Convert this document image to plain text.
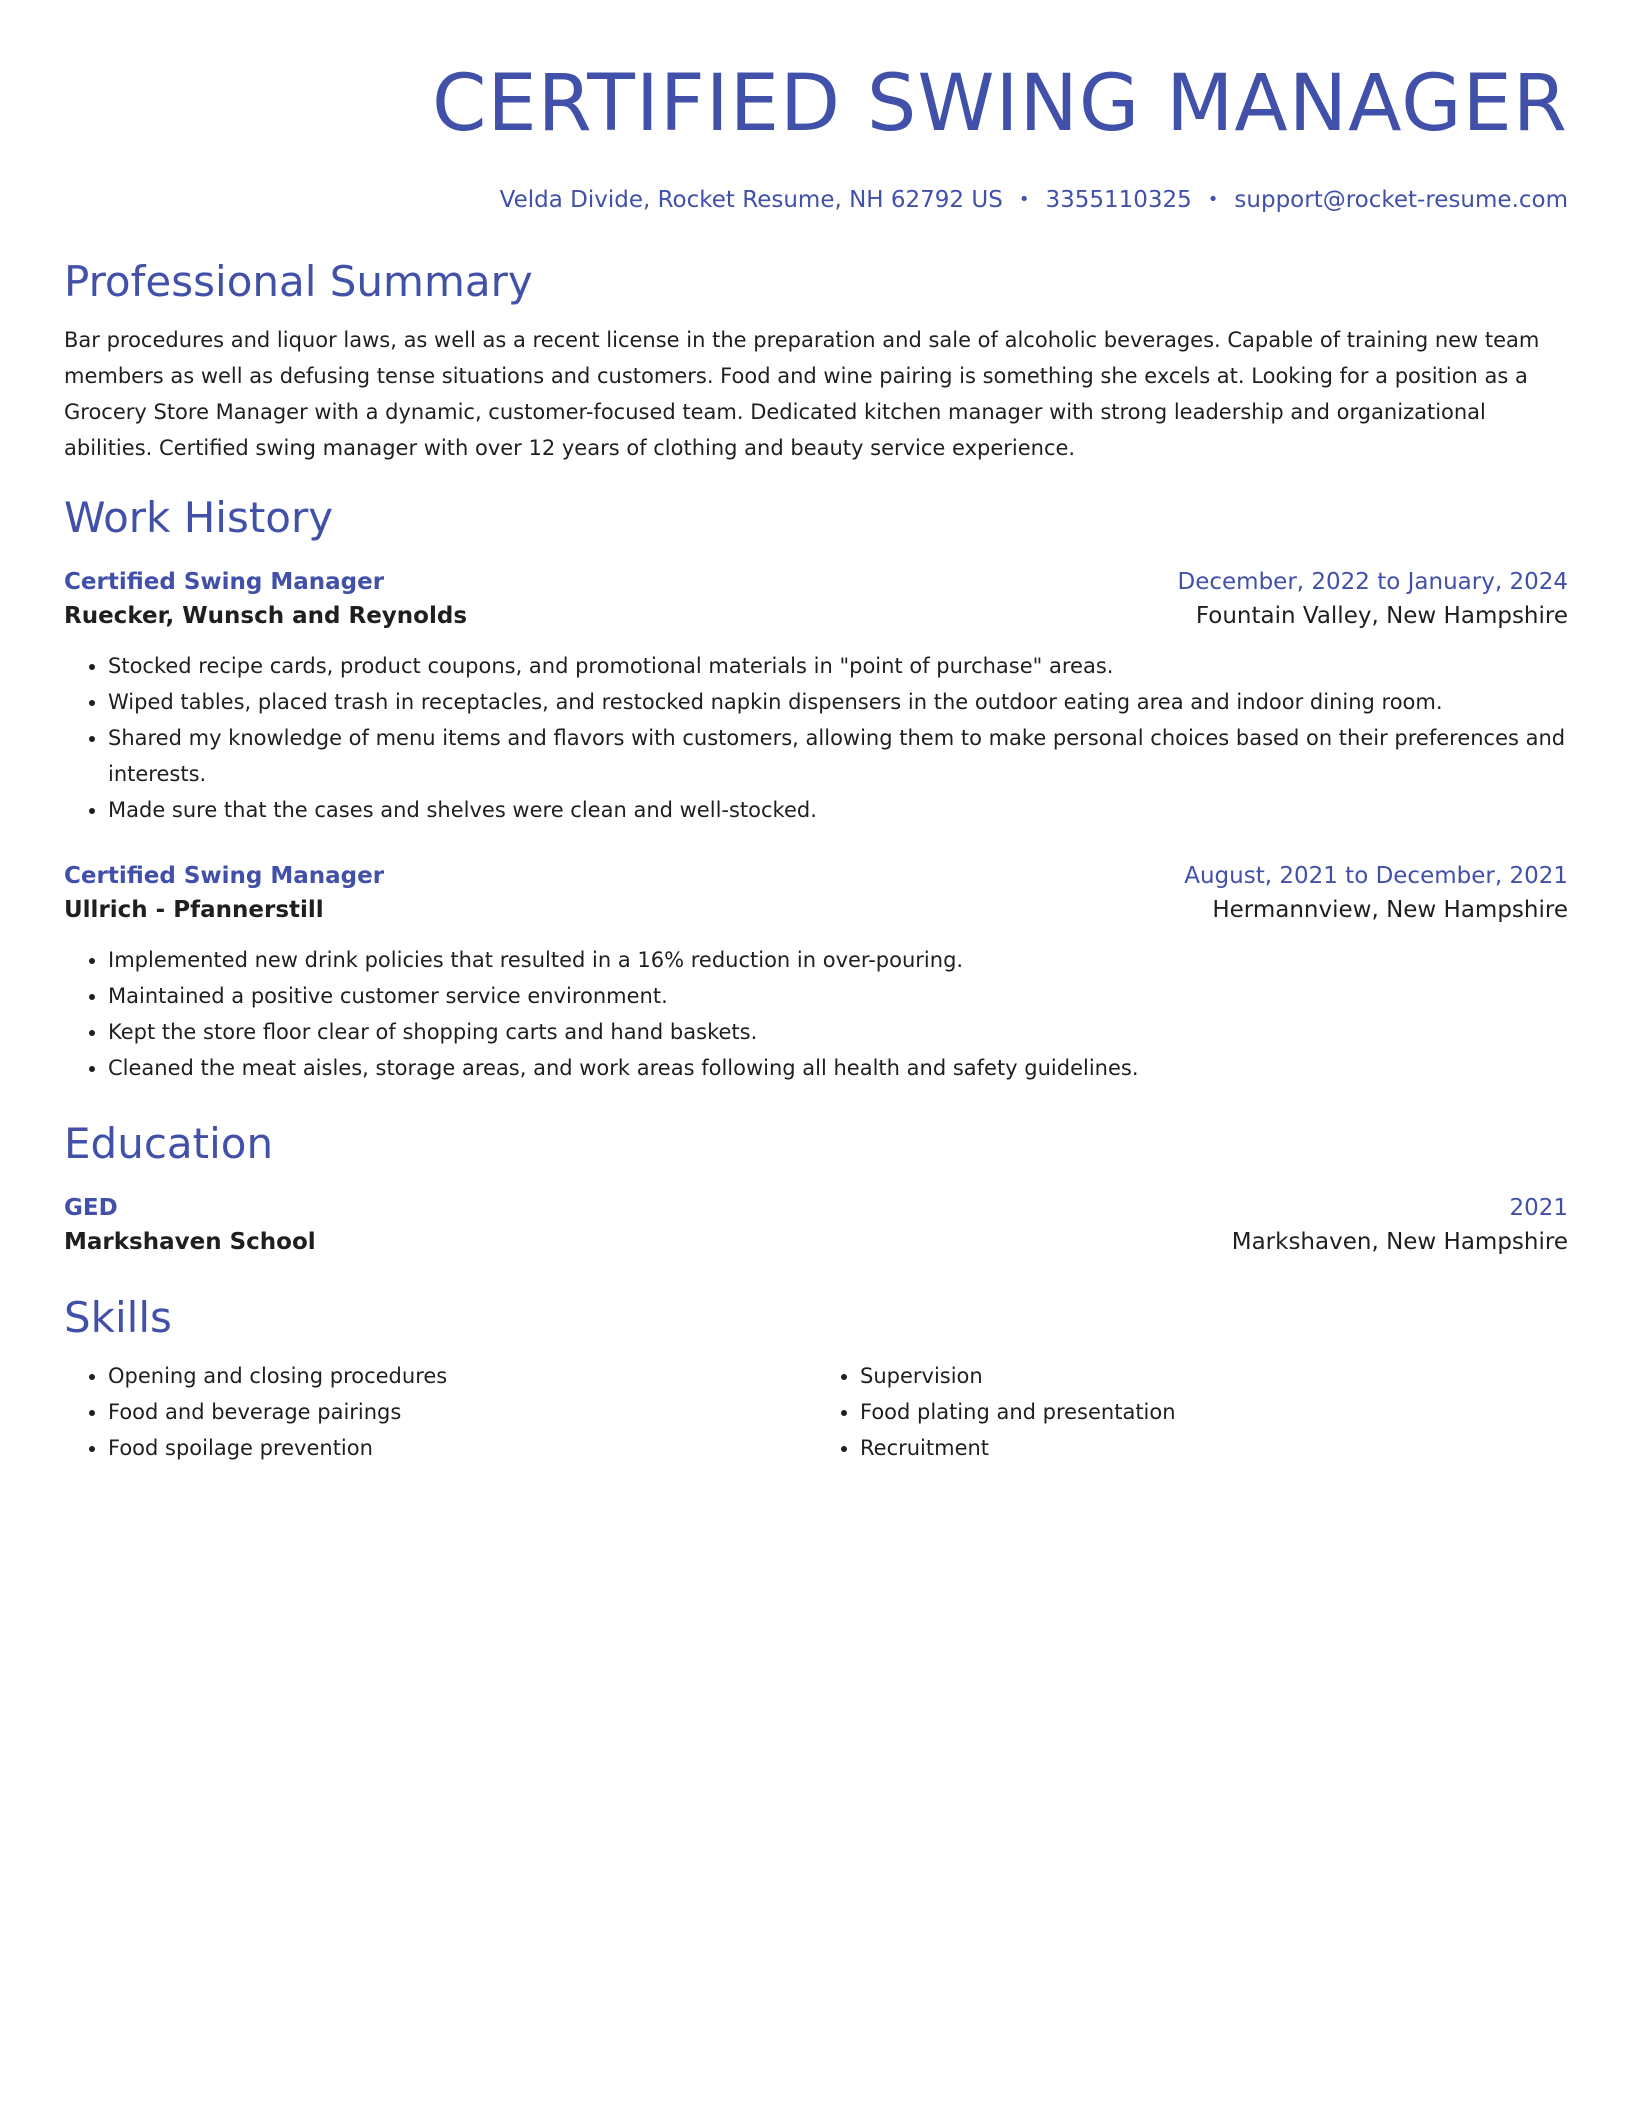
CERTIFIED SWING MANAGER
Velda Divide, Rocket Resume, NH 62792 US • 3355110325 • support@rocket-resume.com
Professional Summary
Bar procedures and liquor laws, as well as a recent license in the preparation and sale of alcoholic beverages. Capable of training new team members as well as defusing tense situations and customers. Food and wine pairing is something she excels at. Looking for a position as a Grocery Store Manager with a dynamic, customer-focused team. Dedicated kitchen manager with strong leadership and organizational abilities. Certified swing manager with over 12 years of clothing and beauty service experience.
Work History
Certified Swing Manager	December, 2022 to January, 2024
Ruecker, Wunsch and Reynolds	Fountain Valley, New Hampshire
• Stocked recipe cards, product coupons, and promotional materials in "point of purchase" areas.
• Wiped tables, placed trash in receptacles, and restocked napkin dispensers in the outdoor eating area and indoor dining room.
• Shared my knowledge of menu items and flavors with customers, allowing them to make personal choices based on their preferences and interests.
• Made sure that the cases and shelves were clean and well-stocked.
Certified Swing Manager	August, 2021 to December, 2021
Ullrich - Pfannerstill	Hermannview, New Hampshire
• Implemented new drink policies that resulted in a 16% reduction in over-pouring.
• Maintained a positive customer service environment.
• Kept the store floor clear of shopping carts and hand baskets.
• Cleaned the meat aisles, storage areas, and work areas following all health and safety guidelines.
Education
GED	2021
Markshaven School	Markshaven, New Hampshire
Skills
• Opening and closing procedures
• Food and beverage pairings
• Food spoilage prevention
• Supervision
• Food plating and presentation
• Recruitment
